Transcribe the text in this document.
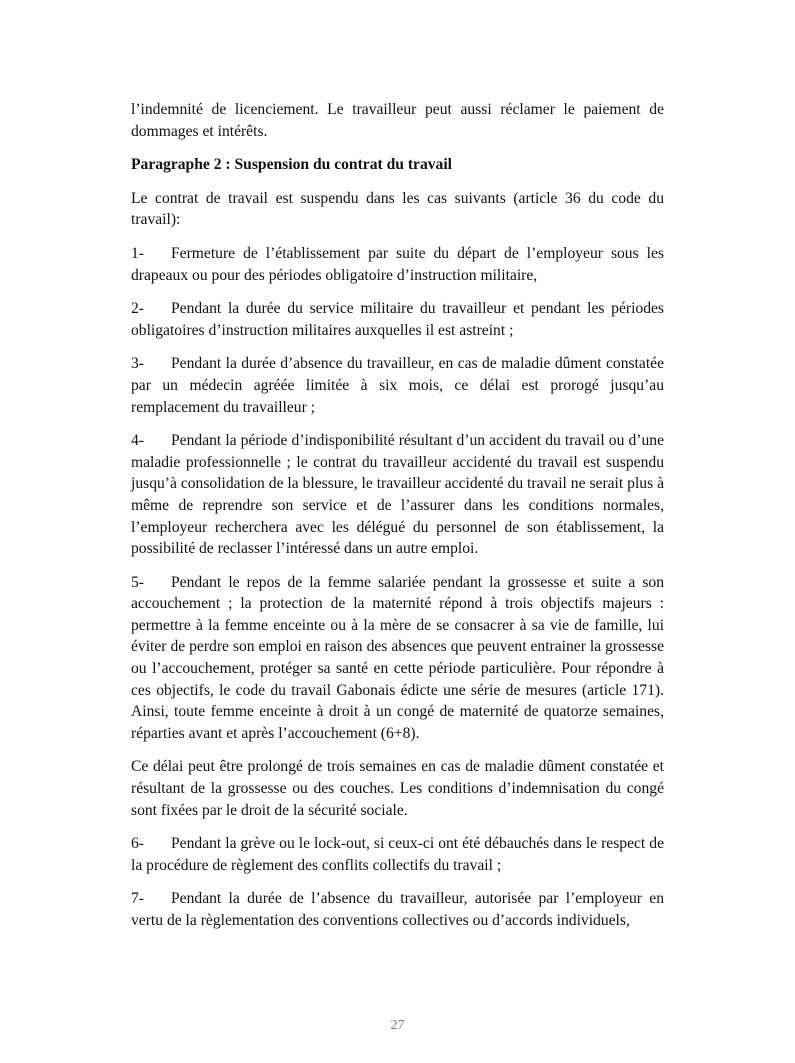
l’indemnité de licenciement. Le travailleur peut aussi réclamer le paiement de dommages et intérêts.

Paragraphe 2 : Suspension du contrat du travail

Le contrat de travail est suspendu dans les cas suivants (article 36 du code du travail):

1- Fermeture de l’établissement par suite du départ de l’employeur sous les drapeaux ou pour des périodes obligatoire d’instruction militaire,

2- Pendant la durée du service militaire du travailleur et pendant les périodes obligatoires d’instruction militaires auxquelles il est astreint ;

3- Pendant la durée d’absence du travailleur, en cas de maladie dûment constatée par un médecin agréée limitée à six mois, ce délai est prorogé jusqu’au remplacement du travailleur ;

4- Pendant la période d’indisponibilité résultant d’un accident du travail ou d’une maladie professionnelle ; le contrat du travailleur accidenté du travail est suspendu jusqu’à consolidation de la blessure, le travailleur accidenté du travail ne serait plus à même de reprendre son service et de l’assurer dans les conditions normales, l’employeur recherchera avec les délégué du personnel de son établissement, la possibilité de reclasser l’intéressé dans un autre emploi.

5- Pendant le repos de la femme salariée pendant la grossesse et suite a son accouchement ; la protection de la maternité répond à trois objectifs majeurs : permettre à la femme enceinte ou à la mère de se consacrer à sa vie de famille, lui éviter de perdre son emploi en raison des absences que peuvent entrainer la grossesse ou l’accouchement, protéger sa santé en cette période particulière. Pour répondre à ces objectifs, le code du travail Gabonais édicte une série de mesures (article 171). Ainsi, toute femme enceinte à droit à un congé de maternité de quatorze semaines, réparties avant et après l’accouchement (6+8).

Ce délai peut être prolongé de trois semaines en cas de maladie dûment constatée et résultant de la grossesse ou des couches. Les conditions d’indemnisation du congé sont fixées par le droit de la sécurité sociale.

6- Pendant la grève ou le lock-out, si ceux-ci ont été débauchés dans le respect de la procédure de règlement des conflits collectifs du travail ;

7- Pendant la durée de l’absence du travailleur, autorisée par l’employeur en vertu de la règlementation des conventions collectives ou d’accords individuels,

27
